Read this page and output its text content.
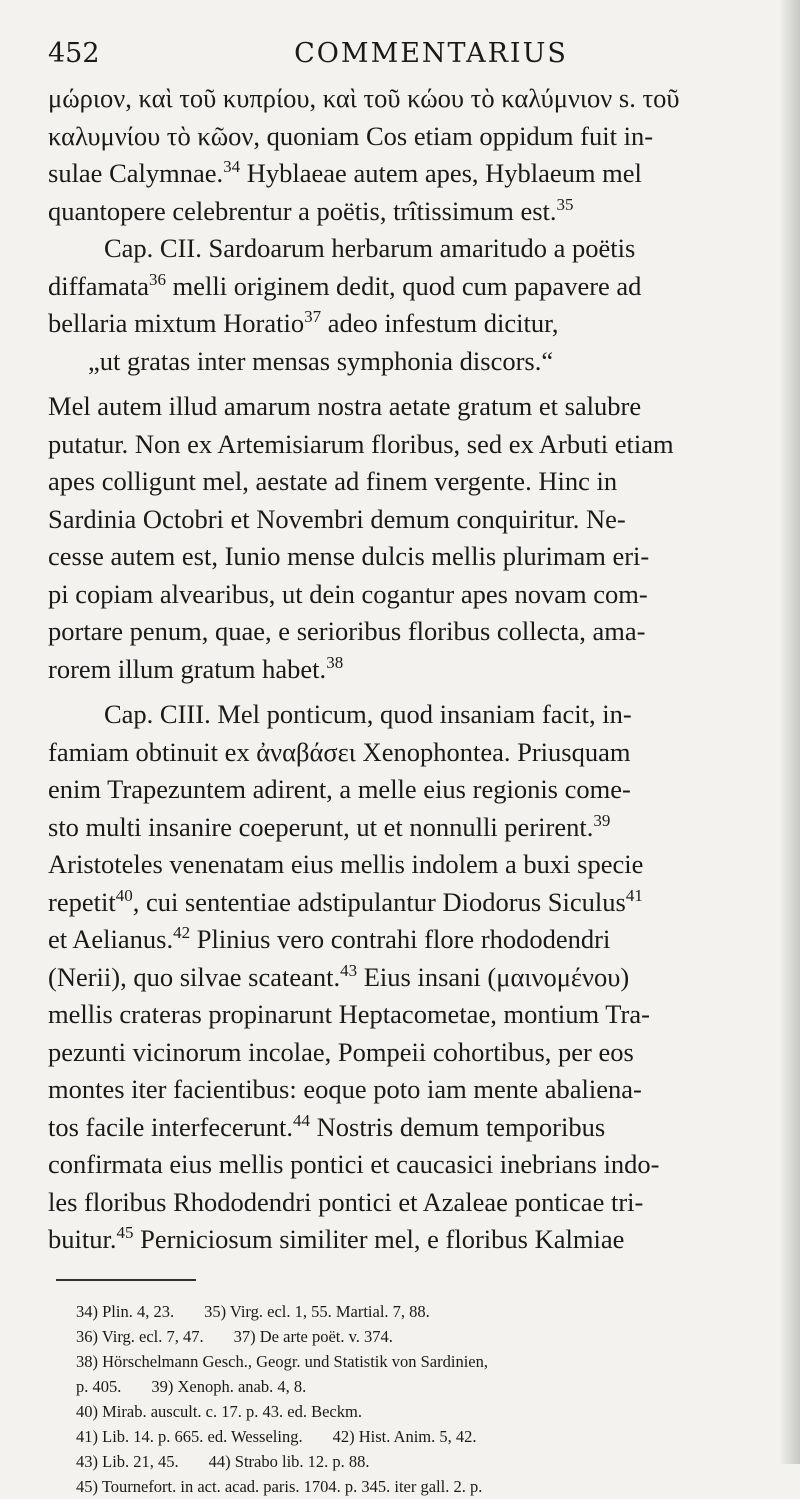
452	COMMENTARIUS
μώριον, καὶ τοῦ κυπρίου, καὶ τοῦ κώου τὸ καλύμνιον s. τοῦ
καλυμνίου τὸ κῶον, quoniam Cos etiam oppidum fuit in-
sulae Calymnae.$^{34}$ Hyblaeae autem apes, Hyblaeum mel
quantopere celebrentur a poëtis, trîtissimum est.$^{35}$
Cap. CII. Sardoarum herbarum amaritudo a poëtis
diffamata$^{36}$ melli originem dedit, quod cum papavere ad
bellaria mixtum Horatio$^{37}$ adeo infestum dicitur,
„ut gratas inter mensas symphonia discors.“
Mel autem illud amarum nostra aetate gratum et salubre
putatur. Non ex Artemisiarum floribus, sed ex Arbuti etiam
apes colligunt mel, aestate ad finem vergente. Hinc in
Sardinia Octobri et Novembri demum conquiritur. Ne-
cesse autem est, Iunio mense dulcis mellis plurimam eri-
pi copiam alvearibus, ut dein cogantur apes novam com-
portare penum, quae, e serioribus floribus collecta, ama-
rorem illum gratum habet.$^{38}$
Cap. CIII. Mel ponticum, quod insaniam facit, in-
famiam obtinuit ex ἀναβάσει Xenophontea. Priusquam
enim Trapezuntem adirent, a melle eius regionis come-
sto multi insanire coeperunt, ut et nonnulli perirent.$^{39}$
Aristoteles venenatam eius mellis indolem a buxi specie
repetit$^{40}$, cui sententiae adstipulantur Diodorus Siculus$^{41}$
et Aelianus.$^{42}$ Plinius vero contrahi flore rhododendri
(Nerii), quo silvae scateant.$^{43}$ Eius insani (μαινομένου)
mellis crateras propinarunt Heptacometae, montium Tra-
pezunti vicinorum incolae, Pompeii cohortibus, per eos
montes iter facientibus: eoque poto iam mente abaliena-
tos facile interfecerunt.$^{44}$ Nostris demum temporibus
confirmata eius mellis pontici et caucasici inebrians indo-
les floribus Rhododendri pontici et Azaleae ponticae tri-
buitur.$^{45}$ Perniciosum similiter mel, e floribus Kalmiae
34) Plin. 4, 23. 35) Virg. ecl. 1, 55. Martial. 7, 88.
36) Virg. ecl. 7, 47. 37) De arte poët. v. 374.
38) Hörschelmann Gesch., Geogr. und Statistik von Sardinien,
p. 405. 39) Xenoph. anab. 4, 8.
40) Mirab. auscult. c. 17. p. 43. ed. Beckm.
41) Lib. 14. p. 665. ed. Wesseling. 42) Hist. Anim. 5, 42.
43) Lib. 21, 45. 44) Strabo lib. 12. p. 88.
45) Tournefort. in act. acad. paris. 1704. p. 345. iter gall. 2. p.
